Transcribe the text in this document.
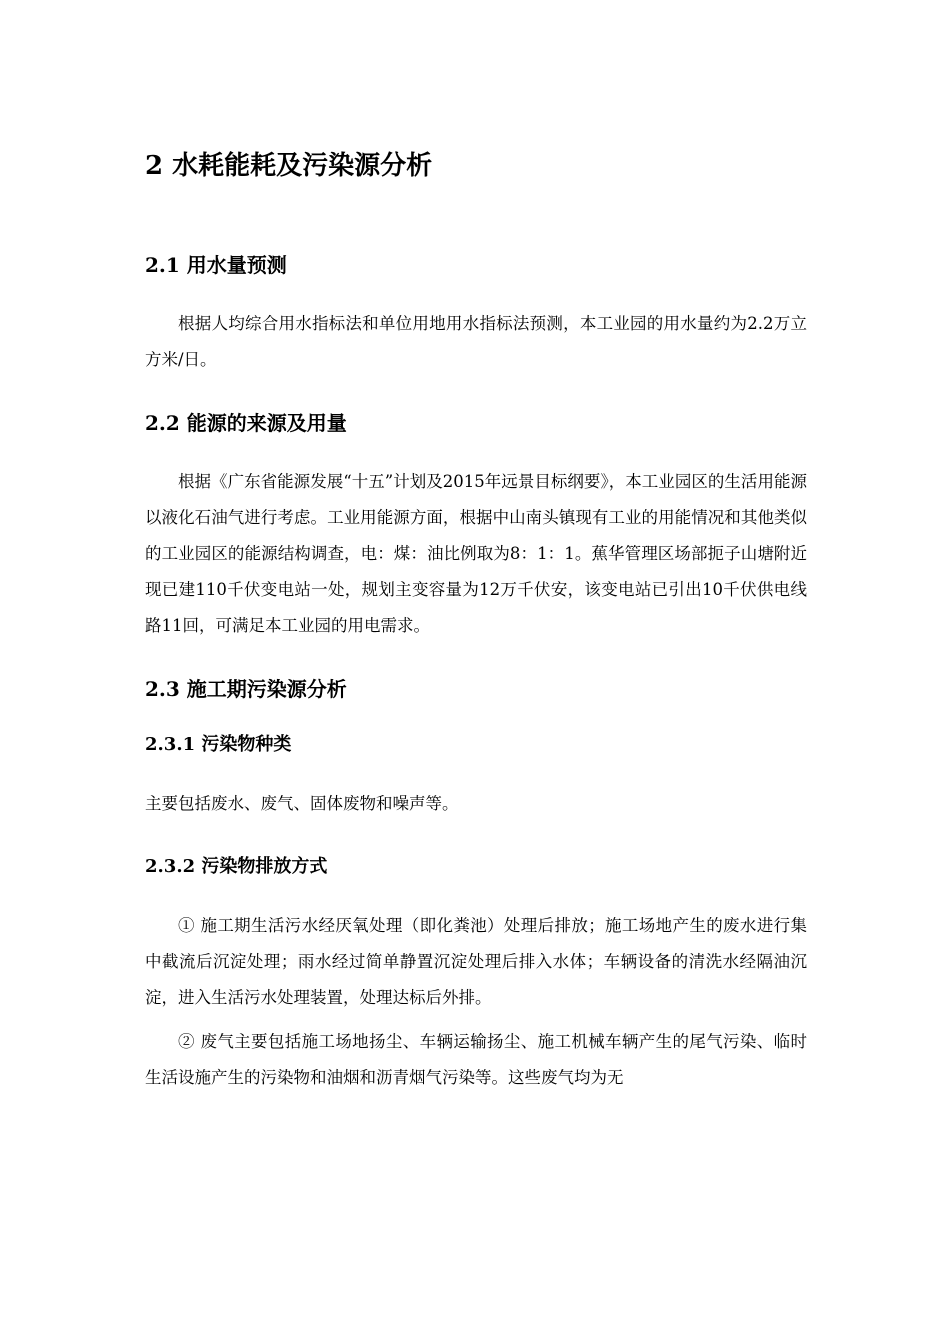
2 水耗能耗及污染源分析
2.1 用水量预测

根据人均综合用水指标法和单位用地用水指标法预测，本工业园的用水量约为2.2万立方米/日。

2.2 能源的来源及用量

根据《广东省能源发展“十五”计划及2015年远景目标纲要》，本工业园区的生活用能源以液化石油气进行考虑。工业用能源方面，根据中山南头镇现有工业的用能情况和其他类似的工业园区的能源结构调查，电：煤：油比例取为8：1：1。蕉华管理区场部扼子山塘附近现已建110千伏变电站一处，规划主变容量为12万千伏安，该变电站已引出10千伏供电线路11回，可满足本工业园的用电需求。

2.3 施工期污染源分析
2.3.1 污染物种类

主要包括废水、废气、固体废物和噪声等。

2.3.2 污染物排放方式

① 施工期生活污水经厌氧处理（即化粪池）处理后排放；施工场地产生的废水进行集中截流后沉淀处理；雨水经过简单静置沉淀处理后排入水体；车辆设备的清洗水经隔油沉淀，进入生活污水处理装置，处理达标后外排。

② 废气主要包括施工场地扬尘、车辆运输扬尘、施工机械车辆产生的尾气污染、临时生活设施产生的污染物和油烟和沥青烟气污染等。这些废气均为无
